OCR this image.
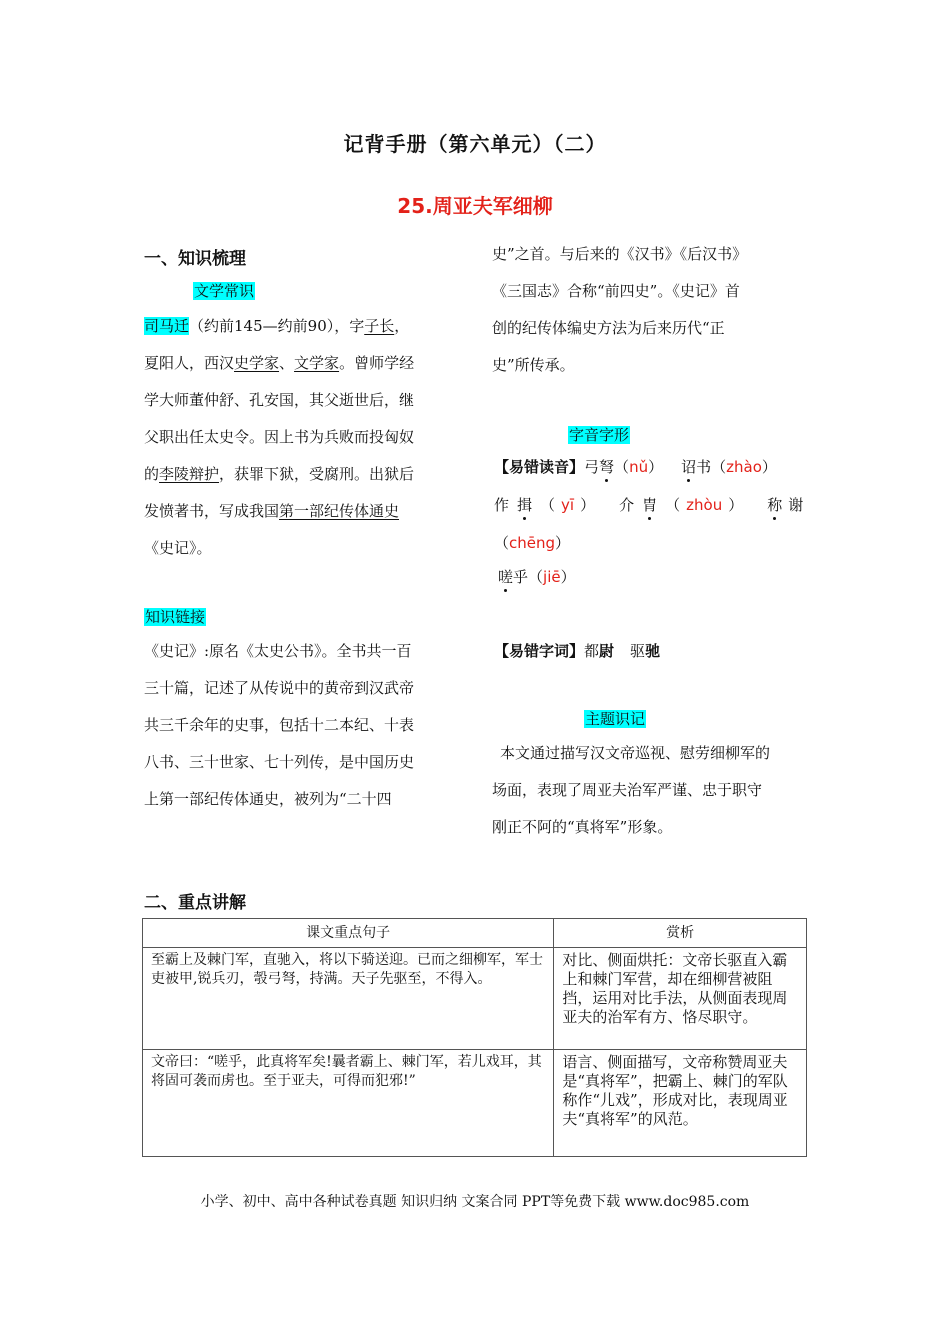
记背手册（第六单元）（二）
25.周亚夫军细柳
一、知识梳理
文学常识
司马迁（约前145—约前90），字子长，
夏阳人，西汉史学家、文学家。曾师学经
学大师董仲舒、孔安国，其父逝世后，继
父职出任太史令。因上书为兵败而投匈奴
的李陵辩护，获罪下狱，受腐刑。出狱后
发愤著书，写成我国第一部纪传体通史
《史记》。
知识链接
《史记》:原名《太史公书》。全书共一百
三十篇，记述了从传说中的黄帝到汉武帝
共三千余年的史事，包括十二本纪、十表
八书、三十世家、七十列传，是中国历史
上第一部纪传体通史，被列为“二十四
史”之首。与后来的《汉书》《后汉书》
《三国志》合称“前四史”。《史记》首
创的纪传体编史方法为后来历代“正
史”所传承。
字音字形
【易错读音】弓弩（nǔ） 诏书（zhào）
作 揖 （ yī ） 介 胄 （ zhòu ） 称 谢
（chēng）
嗟乎（jiē）
【易错字词】都尉 驱驰
主题识记
本文通过描写汉文帝巡视、慰劳细柳军的
场面，表现了周亚夫治军严谨、忠于职守
刚正不阿的“真将军”形象。
二、重点讲解
课文重点句子	赏析
至霸上及棘门军，直驰入，将以下骑送迎。已而之细柳军，军士吏被甲,锐兵刃，彀弓弩，持满。天子先驱至，不得入。	对比、侧面烘托：文帝长驱直入霸上和棘门军营，却在细柳营被阻挡，运用对比手法，从侧面表现周亚夫的治军有方、恪尽职守。
文帝曰：“嗟乎，此真将军矣!曩者霸上、棘门军，若儿戏耳，其将固可袭而虏也。至于亚夫，可得而犯邪!”	语言、侧面描写，文帝称赞周亚夫是“真将军”，把霸上、棘门的军队称作“儿戏”，形成对比，表现周亚夫“真将军”的风范。
小学、初中、高中各种试卷真题 知识归纳 文案合同 PPT等免费下载 www.doc985.com
